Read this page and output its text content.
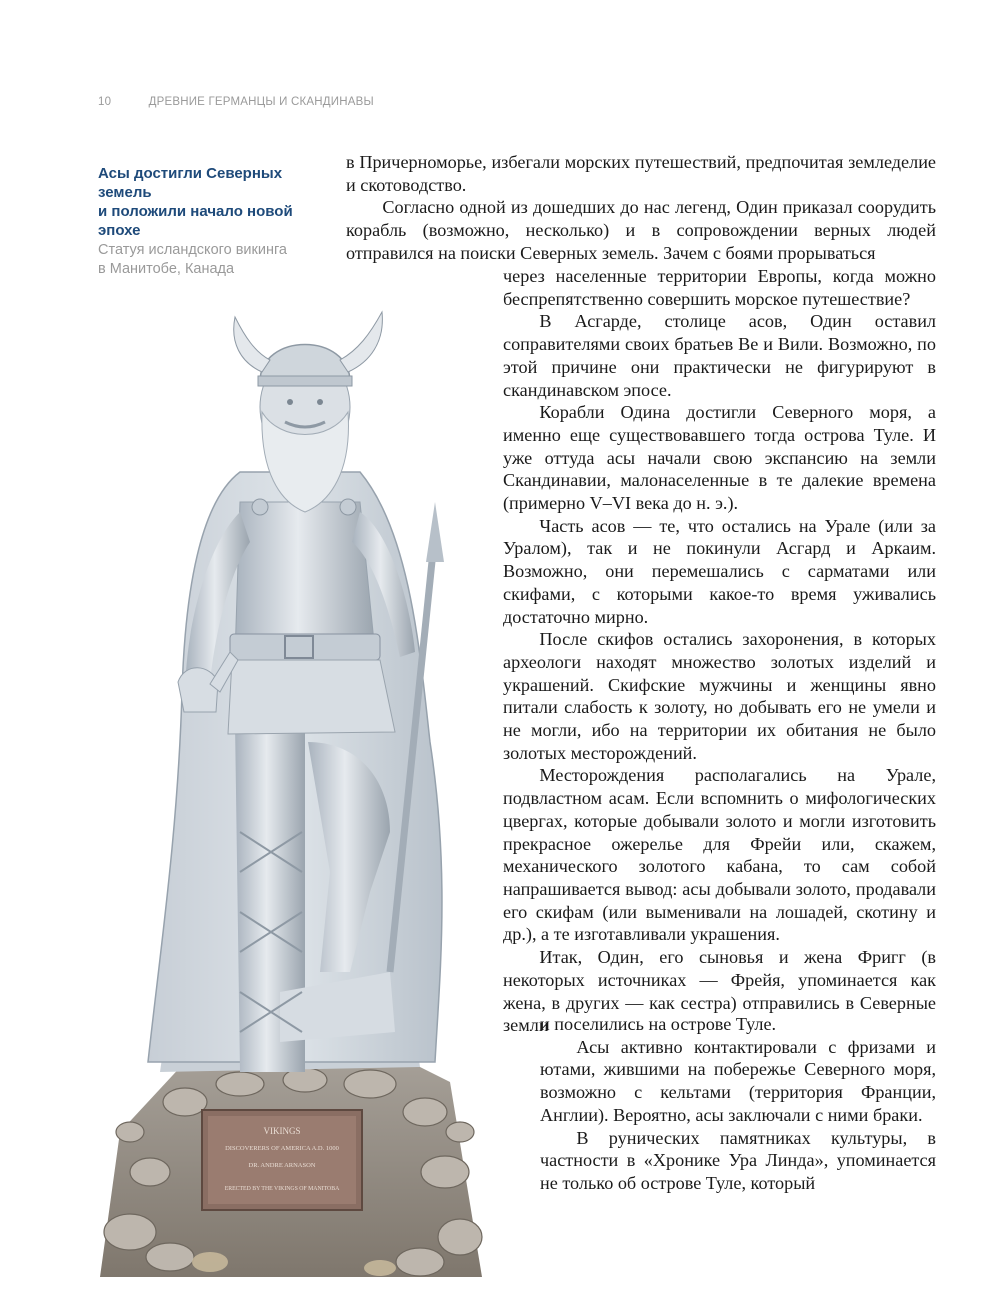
10	ДРЕВНИЕ ГЕРМАНЦЫ И СКАНДИНАВЫ
Асы достигли Северных земель
и положили начало новой
эпохе
Статуя исландского викинга
в Манитобе, Канада
VIKINGS
DISCOVERERS OF AMERICA A.D. 1000
DR. ANDRE ARNASON
ERECTED BY THE VIKINGS OF MANITOBA

в Причерноморье, избегали морских путешествий, предпочитая земледелие и скотоводство.

Согласно одной из дошедших до нас легенд, Один приказал соорудить корабль (возможно, несколько) и в сопровождении верных людей отправился на поиски Северных земель. Зачем с боями прорываться

через населенные территории Европы, когда можно беспрепятственно совершить морское путешествие?

В Асгарде, столице асов, Один оставил соправителями своих братьев Ве и Вили. Возможно, по этой причине они практически не фигурируют в скандинавском эпосе.

Корабли Одина достигли Северного моря, а именно еще существовавшего тогда острова Туле. И уже оттуда асы начали свою экспансию на земли Скандинавии, малонаселенные в те далекие времена (примерно V–VI века до н. э.).

Часть асов — те, что остались на Урале (или за Уралом), так и не покинули Асгард и Аркаим. Возможно, они перемешались с сарматами или скифами, с которыми какое-то время уживались достаточно мирно.

После скифов остались захоронения, в которых археологи находят множество золотых изделий и украшений. Скифские мужчины и женщины явно питали слабость к золоту, но добывать его не умели и не могли, ибо на территории их обитания не было золотых месторождений.

Месторождения располагались на Урале, подвластном асам. Если вспомнить о мифологических цвергах, которые добывали золото и могли изготовить прекрасное ожерелье для Фрейи или, скажем, механического золотого кабана, то сам собой напрашивается вывод: асы добывали золото, продавали его скифам (или выменивали на лошадей, скотину и др.), а те изготавливали украшения.

Итак, Один, его сыновья и жена Фригг (в некоторых источниках — Фрейя, упоминается как жена, в других — как сестра) отправились в Северные земли

и поселились на острове Туле.

Асы активно контактировали с фризами и ютами, жившими на побережье Северного моря, возможно с кельтами (территория Франции, Англии). Вероятно, асы заключали с ними браки.

В рунических памятниках культуры, в частности в «Хронике Ура Линда», упоминается не только об острове Туле, который
